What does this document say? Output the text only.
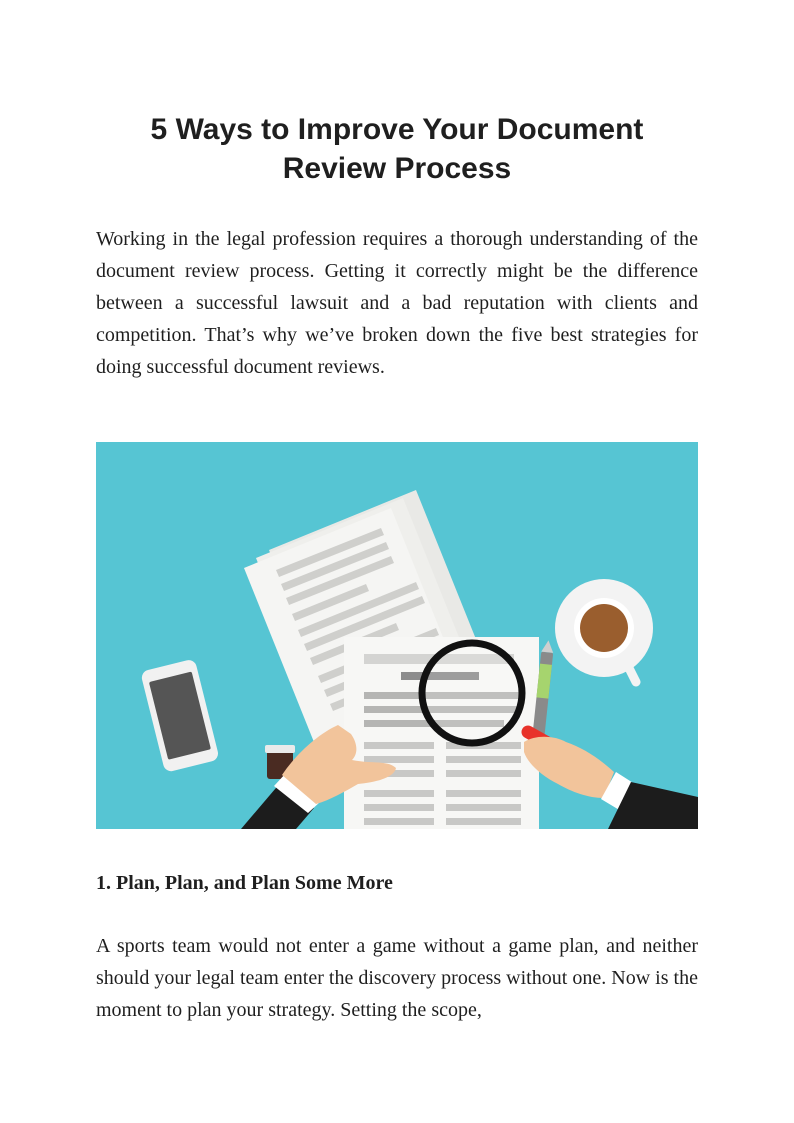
5 Ways to Improve Your Document Review Process

Working in the legal profession requires a thorough understanding of the document review process. Getting it correctly might be the difference between a successful lawsuit and a bad reputation with clients and competition. That’s why we’ve broken down the five best strategies for doing successful document reviews.

1. Plan, Plan, and Plan Some More

A sports team would not enter a game without a game plan, and neither should your legal team enter the discovery process without one. Now is the moment to plan your strategy. Setting the scope,
